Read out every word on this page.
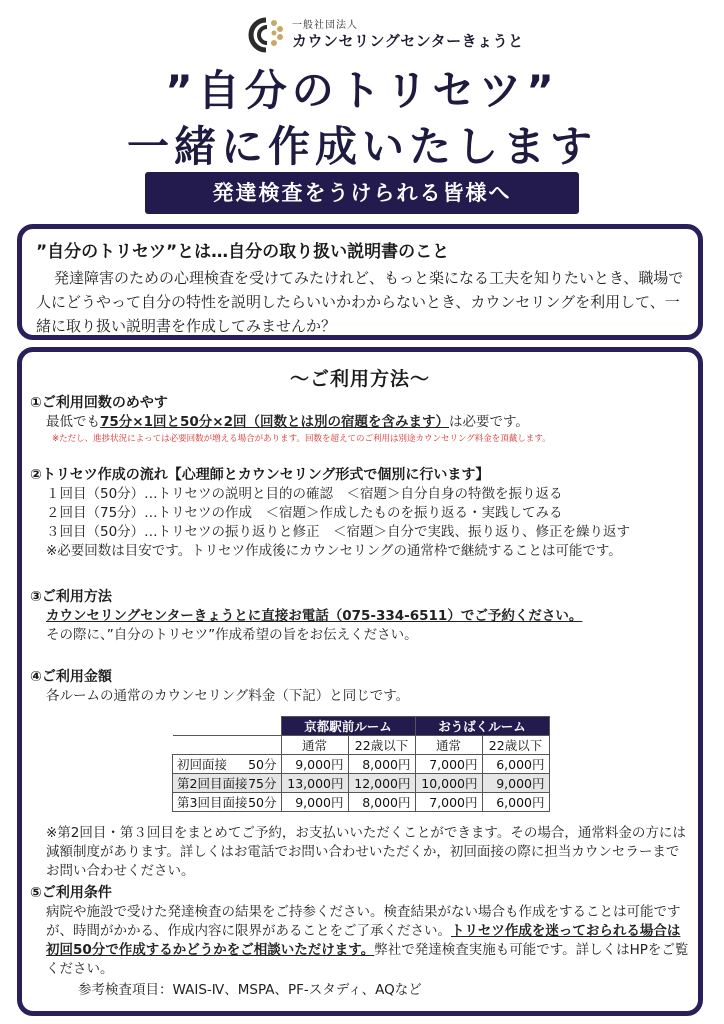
一般社団法人
カウンセリングセンターきょうと
”自分のトリセツ”
一緒に作成いたします
発達検査をうけられる皆様へ
”自分のトリセツ”とは…自分の取り扱い説明書のこと

発達障害のための心理検査を受けてみたけれど、もっと楽になる工夫を知りたいとき、職場で人にどうやって自分の特性を説明したらいいかわからないとき、カウンセリングを利用して、一緒に取り扱い説明書を作成してみませんか？

～ご利用方法～
①ご利用回数のめやす
最低でも75分×1回と50分×2回（回数とは別の宿題を含みます）は必要です。
※ただし、進捗状況によっては必要回数が増える場合があります。回数を超えてのご利用は別途カウンセリング料金を頂戴します。
②トリセツ作成の流れ【心理師とカウンセリング形式で個別に行います】
１回目（50分）…トリセツの説明と目的の確認　＜宿題＞自分自身の特徴を振り返る
２回目（75分）…トリセツの作成　＜宿題＞作成したものを振り返る・実践してみる
３回目（50分）…トリセツの振り返りと修正　＜宿題＞自分で実践、振り返り、修正を繰り返す
※必要回数は目安です。トリセツ作成後にカウンセリングの通常枠で継続することは可能です。
③ご利用方法
カウンセリングセンターきょうとに直接お電話（075-334-6511）でご予約ください。
その際に、”自分のトリセツ”作成希望の旨をお伝えください。
④ご利用金額
各ルームの通常のカウンセリング料金（下記）と同じです。
	京都駅前ルーム		おうばくルーム	
	通常	22歳以下	通常	22歳以下
初回面接 50分	9,000円	8,000円	7,000円	6,000円
第2回目面接 75分	13,000円	12,000円	10,000円	9,000円
第3回目面接 50分	9,000円	8,000円	7,000円	6,000円
※第2回目・第３回目をまとめてご予約，お支払いいただくことができます。その場合，通常料金の方には減額制度があります。詳しくはお電話でお問い合わせいただくか，初回面接の際に担当カウンセラーまでお問い合わせください。
⑤ご利用条件
病院や施設で受けた発達検査の結果をご持参ください。検査結果がない場合も作成をすることは可能ですが、時間がかかる、作成内容に限界があることをご了承ください。トリセツ作成を迷っておられる場合は初回50分で作成するかどうかをご相談いただけます。弊社で発達検査実施も可能です。詳しくはHPをご覧ください。
参考検査項目：WAIS-Ⅳ、MSPA、PF-スタディ、AQなど
